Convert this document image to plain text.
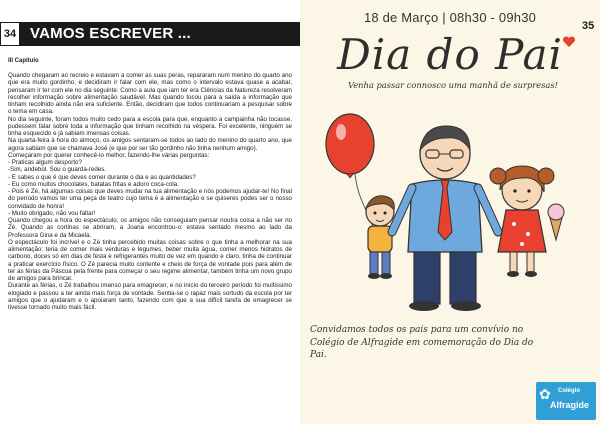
34 VAMOS ESCREVER ...
III Capítulo

Quando chegaram ao recreio e estavam a comer as suas peras, repararam num menino do quarto ano que era muito gordinho, e decidiram ir falar com ele, mas como o intervalo estava quase a acabar, pensaram ir ter com ele no dia seguinte. Como a aula que iam ter era Ciências da Natureza resolveram recolher informação sobre alimentação saudável. Mas quando tocou para a saída a informação que tinham recolhido ainda não era suficiente. Então, decidiram que todos continuariam a pesquisar sobre o tema em casa.

No dia seguinte, foram todos muito cedo para a escola para que, enquanto a campainha não tocasse, pudessem falar sobre toda a informação que tinham recolhido na véspera. Foi excelente, ninguém se tinha esquecido e já sabiam imensas coisas.

Na quarta-feira à hora do almoço, os amigos sentaram-se todos ao lado do menino do quarto ano, que agora sabiam que se chamava José (e que por ser tão gordinho não tinha nenhum amigo).

Começaram por querer conhecê-lo melhor, fazendo-lhe várias perguntas:

- Praticas algum desporto?

-Sim, andebol. Sou o guarda-redes.

- E sabes o que é que deves comer durante o dia e as quantidades?

- Eu como muitos chocolates, batatas fritas e adoro coca-cola.

- Pois é Zé, há algumas coisas que deves mudar na tua alimentação e nós podemos ajudar-te! No final do período vamos ter uma peça de teatro cujo tema é a alimentação e se quiseres podes ser o nosso convidado de honra!

- Muito obrigado, não vou faltar!

Quando chegou a hora do espectáculo, os amigos não conseguiam pensar noutra coisa a não ser no Zé. Quando as cortinas se abriram, a Joana encontrou-o: estava sentado mesmo ao lado da Professora Gina e da Micaela.

O espectáculo foi incrível e o Zé tinha percebido muitas coisas sobre o que tinha a melhorar na sua alimentação: teria de comer mais verduras e legumes, beber muita água, comer menos hidratos de carbono, doces só em dias de festa e refrigerantes muito de vez em quando e claro, tinha de continuar a praticar exercício físico. O Zé parecia muito contente e cheio de força de vontade pois para além de ter as férias da Páscoa pela frente para começar o seu regime alimentar, também tinha um novo grupo de amigos para brincar.

Durante as férias, o Zé trabalhou imenso para emagrecer, e no início do terceiro período foi multissimo elogiado e passou a ter ainda mais força de vontade. Sentia-se o rapaz mais sortudo da escola por ter amigos que o ajudaram e o apoiaram tanto, fazendo com que a sua difícil tarefa de emagrecer se tivesse tornado muito mais fácil.

35
18 de Março | 08h30 - 09h30
Dia do Pai
Venha passar connosco uma manhã de surpresas!
Convidamos todos os pais para um convívio no Colégio de Alfragide em comemoração do Dia do Pai.
✿ Colégio
Alfragide
